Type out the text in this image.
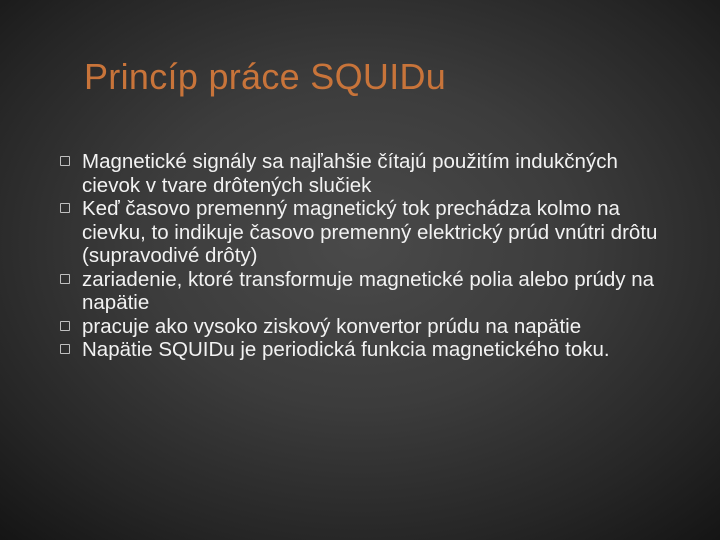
Princíp práce SQUIDu
Magnetické signály sa najľahšie čítajú použitím indukčných cievok v tvare drôtených slučiek
Keď časovo premenný magnetický tok prechádza kolmo na cievku, to indikuje časovo premenný elektrický prúd vnútri drôtu (supravodivé drôty)
zariadenie, ktoré transformuje magnetické polia alebo prúdy na napätie
pracuje ako vysoko ziskový konvertor prúdu na napätie
Napätie SQUIDu je periodická funkcia magnetického toku.
